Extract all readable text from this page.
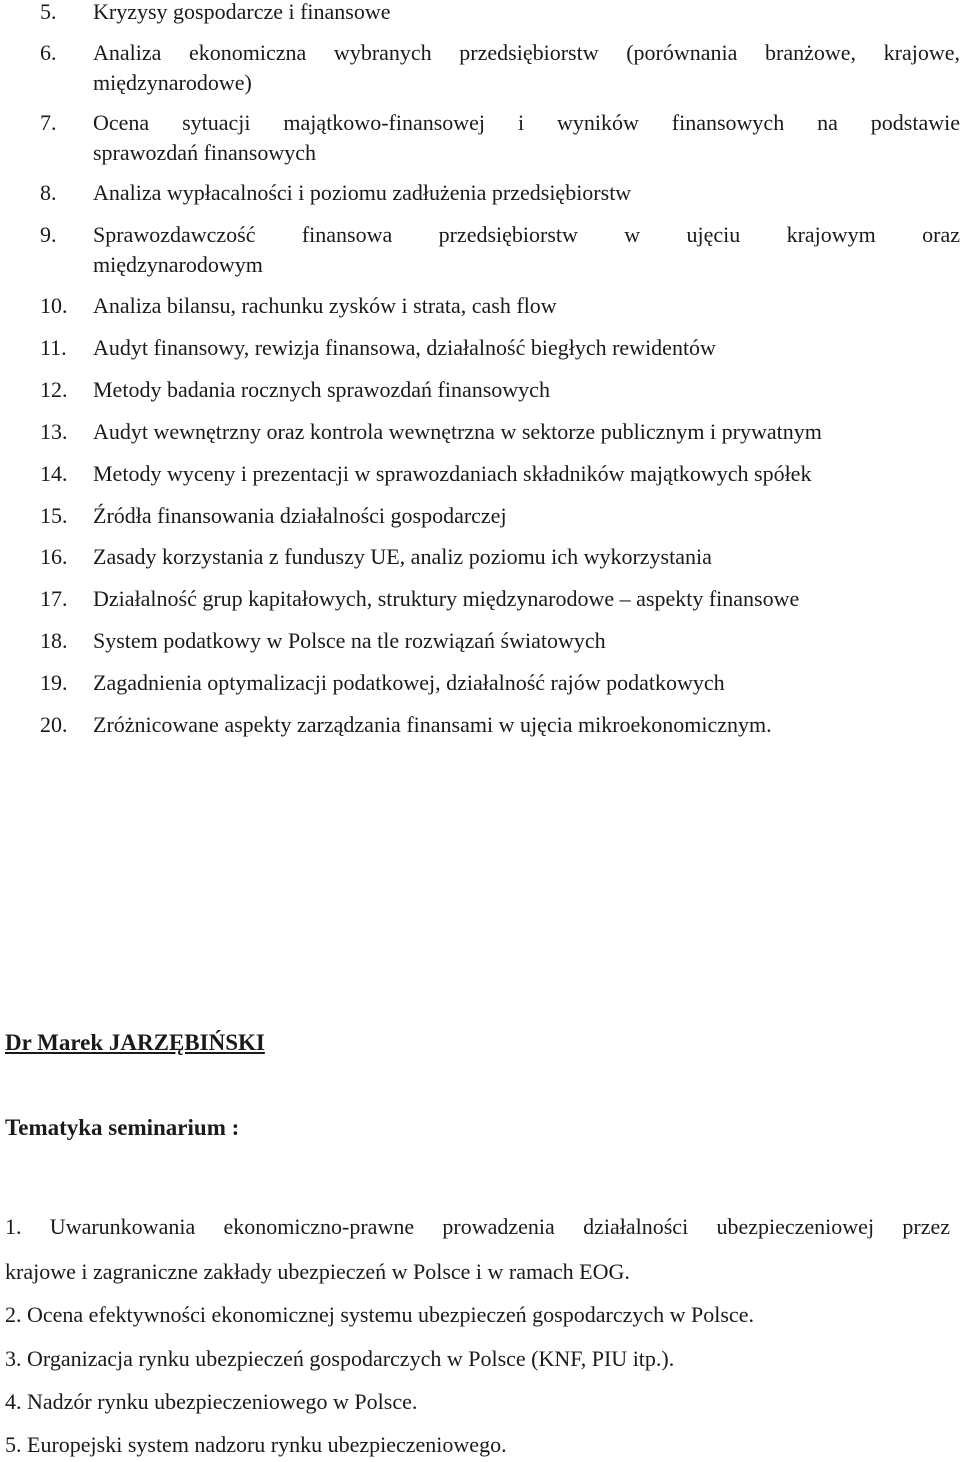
5. Kryzysy gospodarcze i finansowe
6. Analiza ekonomiczna wybranych przedsiębiorstw (porównania branżowe, krajowe,
międzynarodowe)
7. Ocena sytuacji majątkowo-finansowej i wyników finansowych na podstawie
sprawozdań finansowych
8. Analiza wypłacalności i poziomu zadłużenia przedsiębiorstw
9. Sprawozdawczość finansowa przedsiębiorstw w ujęciu krajowym oraz
międzynarodowym
10. Analiza bilansu, rachunku zysków i strata, cash flow
11. Audyt finansowy, rewizja finansowa, działalność biegłych rewidentów
12. Metody badania rocznych sprawozdań finansowych
13. Audyt wewnętrzny oraz kontrola wewnętrzna w sektorze publicznym i prywatnym
14. Metody wyceny i prezentacji w sprawozdaniach składników majątkowych spółek
15. Źródła finansowania działalności gospodarczej
16. Zasady korzystania z funduszy UE, analiz poziomu ich wykorzystania
17. Działalność grup kapitałowych, struktury międzynarodowe – aspekty finansowe
18. System podatkowy w Polsce na tle rozwiązań światowych
19. Zagadnienia optymalizacji podatkowej, działalność rajów podatkowych
20. Zróżnicowane aspekty zarządzania finansami w ujęcia mikroekonomicznym.
Dr Marek JARZĘBIŃSKI
Tematyka seminarium :
1. Uwarunkowania ekonomiczno-prawne prowadzenia działalności ubezpieczeniowej przez
krajowe i zagraniczne zakłady ubezpieczeń w Polsce i w ramach EOG.
2. Ocena efektywności ekonomicznej systemu ubezpieczeń gospodarczych w Polsce.
3. Organizacja rynku ubezpieczeń gospodarczych w Polsce (KNF, PIU itp.).
4. Nadzór rynku ubezpieczeniowego w Polsce.
5. Europejski system nadzoru rynku ubezpieczeniowego.
